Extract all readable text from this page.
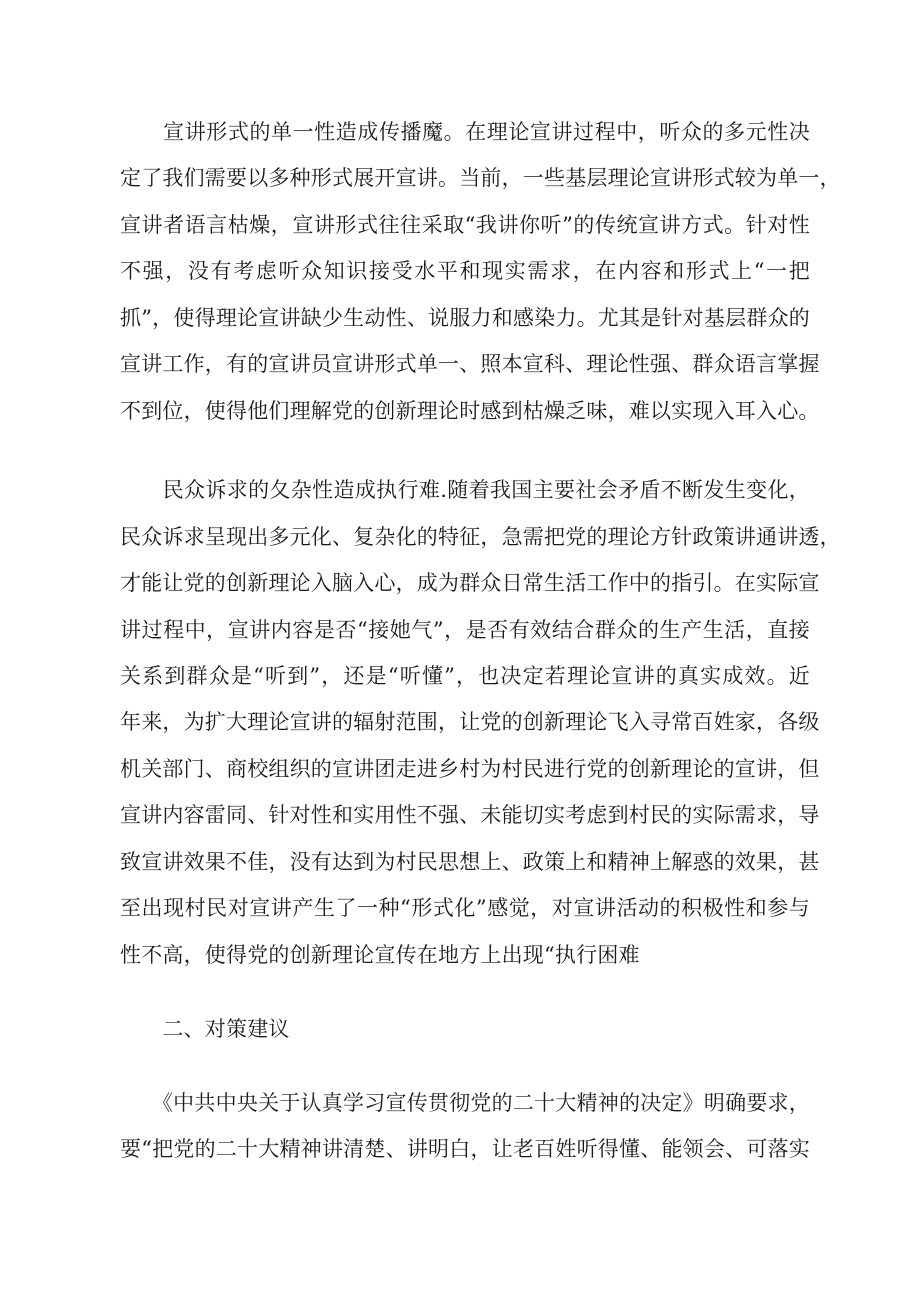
　　宣讲形式的单一性造成传播魔。在理论宣讲过程中，听众的多元性决
定了我们需要以多种形式展开宣讲。当前，一些基层理论宣讲形式较为单一，
宣讲者语言枯燥，宣讲形式往往采取“我讲你听”的传统宣讲方式。针对性
不强，没有考虑听众知识接受水平和现实需求，在内容和形式上“一把
抓”，使得理论宣讲缺少生动性、说服力和感染力。尤其是针对基层群众的
宣讲工作，有的宣讲员宣讲形式单一、照本宣科、理论性强、群众语言掌握
不到位，使得他们理解党的创新理论时感到枯燥乏味，难以实现入耳入心。
　　民众诉求的夂杂性造成执行难.随着我国主要社会矛盾不断发生变化，
民众诉求呈现出多元化、复杂化的特征，急需把党的理论方针政策讲通讲透，
才能让党的创新理论入脑入心，成为群众日常生活工作中的指引。在实际宣
讲过程中，宣讲内容是否“接她气”，是否有效结合群众的生产生活，直接
关系到群众是“听到”，还是“听懂”，也决定若理论宣讲的真实成效。近
年来，为扩大理论宣讲的辐射范围，让党的创新理论飞入寻常百姓家，各级
机关部门、商校组织的宣讲团走进乡村为村民进行党的创新理论的宣讲，但
宣讲内容雷同、针对性和实用性不强、未能切实考虑到村民的实际需求，导
致宣讲效果不佳，没有达到为村民思想上、政策上和精神上解惑的效果，甚
至出现村民对宣讲产生了一种“形式化”感觉，对宣讲活动的积极性和参与
性不高，使得党的创新理论宣传在地方上出现“执行困难
　　二、对策建议
　　《中共中央关于认真学习宣传贯彻党的二十大精神的决定》明确要求，
要“把党的二十大精神讲清楚、讲明白，让老百姓听得懂、能领会、可落实
